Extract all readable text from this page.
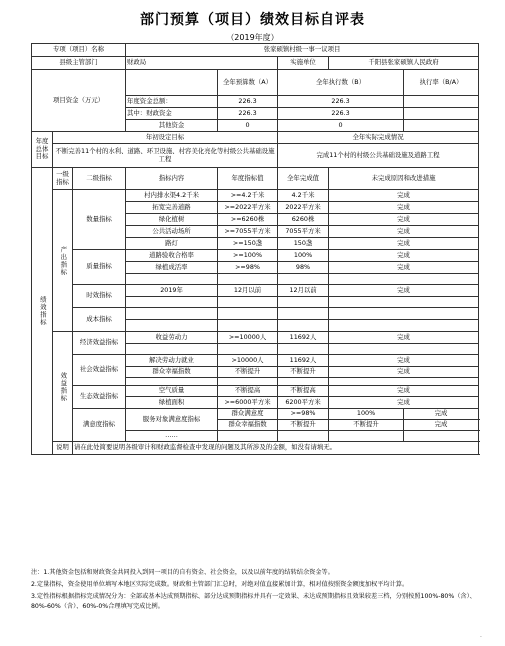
部门预算（项目）绩效目标自评表
（2019年度）
专项（项目）名称			张家硕镇村级一事一议项目				
县级主管部门			财政局		实施单位	千阳县张家硕镇人民政府	
项目资金（万元）				全年预算数（A）	全年执行数（B）		执行率（B/A）
			年度资金总额：	226.3	226.3		
			其中：财政资金	226.3	226.3		
			其他资金	0	0		
年度总体目标	年初设定目标				全年实际完成情况		
	不断完善11个村的水利、道路、环卫设施、村容美化亮化等村级公共基础设施工程				完成11个村的村级公共基础设施及道路工程		

绩效指标	一级指标	二级指标	指标内容	年度指标值	全年完成值	未完成原因和改进措施	

	产出指标	数量指标	村内排水渠4.2千米	>=4.2千米	4.2千米	完成	
			拓宽完善道路	>=2022平方米	2022平方米	完成	
			绿化植树	>=6260株	6260株	完成	
			公共活动场所	>=7055平方米	7055平方米	完成	
			路灯	>=150盏	150盏	完成	
		质量指标	道路验收合格率	>=100%	100%	完成	
			绿植成活率	>=98%	98%	完成	

		时效指标	2019年	12月以前	12月以前	完成	

		成本指标					

	效益指标	经济效益指标	收益劳动力	>=10000人	11692人	完成	

		社会效益指标	解决劳动力就业	>10000人	11692人	完成	
			群众幸福指数	不断提升	不断提升	完成	

		生态效益指标	空气质量	不断提高	不断提高	完成	
			绿植面积	>=6000平方米	6200平方米	完成	
		满意度指标	服务对象满意度指标	群众满意度	>=98%	100%	完成
				群众幸福指数	不断提升	不断提升	完成
			……				
	说明	请在此处简要说明各级审计和财政监督检查中发现的问题及其所涉及的金额，如没有请填无。					

注：1.其他资金包括和财政资金共同投入到同一项目的自有资金、社会资金，以及以前年度的结转结余资金等。

2.定量指标，资金使用单位填写本地区实际完成数。财政和主管部门汇总时，对绝对值直接累加计算，相对值按照资金额度加权平均计算。

3.定性指标根据指标完成情况分为：全部或基本达成预期指标、部分达成预期指标并具有一定效果、未达成预期指标且效果较差三档，分别按照100%-80%（含）、80%-60%（含）、60%-0%合理填写完成比例。

·
